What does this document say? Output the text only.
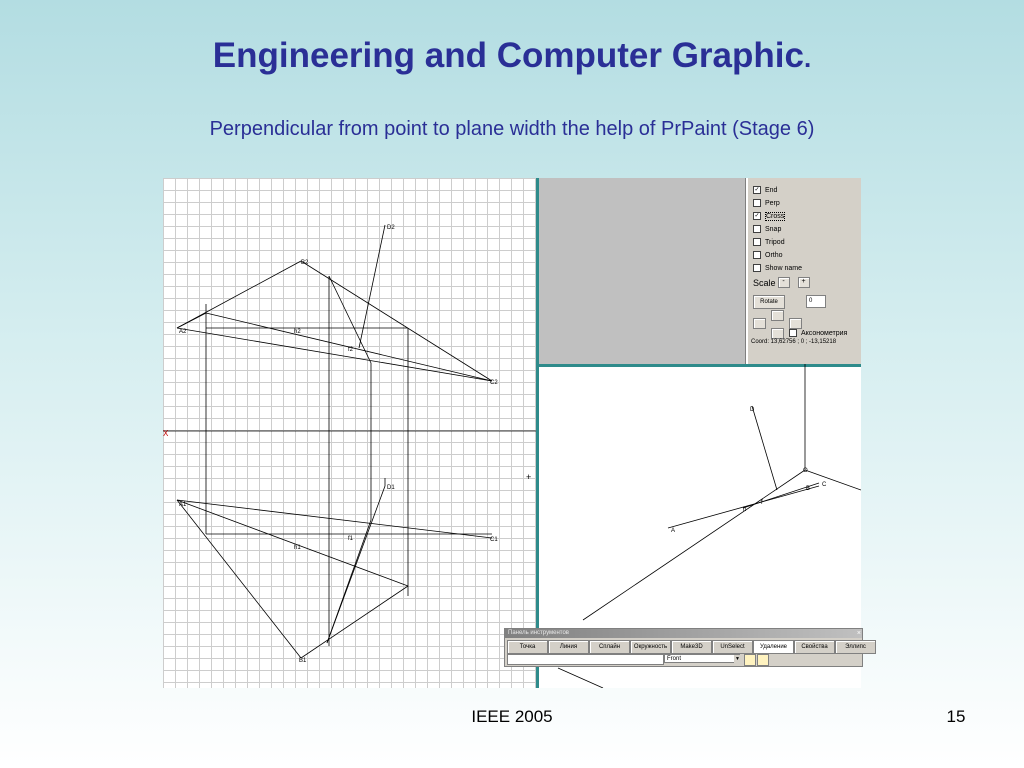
Engineering and Computer Graphic.
Perpendicular from point to plane width the help of PrPaint (Stage 6)
X
D2
B2
A2	h2
f2
C2
D1
A1
f1	C1
h1
B1
D
O
C
B
f
h
A
+
✓ End
Perp
✓ Cross
Snap
Tripod
Ortho
Show name
Scale -	+
Rotate	0
Аксонометрия
Coord: 13,62756 ; 0 ; -13,15218
Панель инструментов	×
Точка	Линия	Сплайн	Окружность	Make3D	UnSelect	Удаление	Свойства	Эллипс
Front	▼
IEEE 2005	15
